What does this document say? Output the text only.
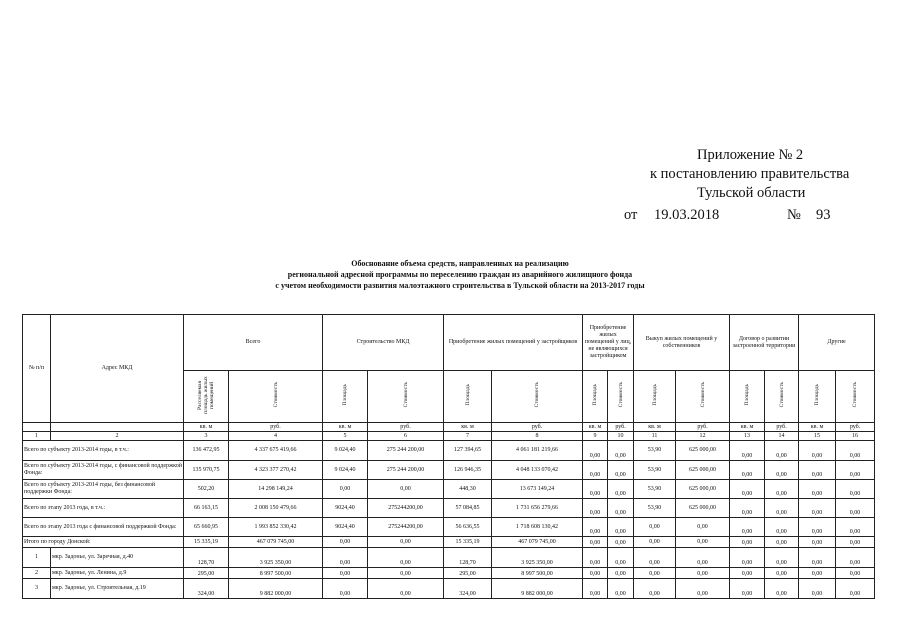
Приложение № 2
к постановлению правительства
Тульской области
от 19.03.2018	№ 93
Обоснование объема средств, направленных на реализацию
региональной адресной программы по переселению граждан из аварийного жилищного фонда
с учетом необходимости развития малоэтажного строительства в Тульской области на 2013-2017 годы
№ п/п	Адрес МКД	Всего		Строительство МКД		Приобретение жилых помещений у застройщиков		Приобретение жилых помещений у лиц, не являющихся застройщиком		Выкуп жилых помещений у собственников		Договор о развитии застроенной территории		Другие	
		Расселяемая площадь жилых помещений	Стоимость	Площадь	Стоимость	Площадь	Стоимость	Площадь	Стоимость	Площадь	Стоимость	Площадь	Стоимость	Площадь	Стоимость
		кв. м	руб.	кв. м	руб.	кв. м	руб.	кв. м	руб.	кв. м	руб.	кв. м	руб.	кв. м	руб.
1	2	3	4	5	6	7	8	9	10	11	12	13	14	15	16
Всего по субъекту 2013-2014 годы, в т.ч.:		136 472,95	4 337 675 419,66	9 024,40	275 244 200,00	127 394,65	4 061 181 219,66	0,00	0,00	53,90	625 000,00	0,00	0,00	0,00	0,00
Всего по субъекту 2013-2014 годы, с финансовой поддержкой Фонда:		135 970,75	4 323 377 270,42	9 024,40	275 244 200,00	126 946,35	4 048 133 070,42	0,00	0,00	53,90	625 000,00	0,00	0,00	0,00	0,00
Всего по субъекту 2013-2014 годы, без финансовой поддержки Фонда:		502,20	14 298 149,24	0,00	0,00	448,30	13 673 149,24	0,00	0,00	53,90	625 000,00	0,00	0,00	0,00	0,00
Всего по этапу 2013 года, в т.ч.:		66 163,15	2 008 150 479,66	9024,40	275244200,00	57 084,85	1 731 656 279,66	0,00	0,00	53,90	625 000,00	0,00	0,00	0,00	0,00
Всего по этапу 2013 года с финансовой поддержкой Фонда:		65 660,95	1 993 852 330,42	9024,40	275244200,00	56 636,55	1 718 608 130,42	0,00	0,00	0,00	0,00	0,00	0,00	0,00	0,00
Итого по городу Донской:		15 335,19	467 079 745,00	0,00	0,00	15 335,19	467 079 745,00	0,00	0,00	0,00	0,00	0,00	0,00	0,00	0,00
1	мкр. Задонье, ул. Заречная, д.40	128,70	3 925 350,00	0,00	0,00	128,70	3 925 350,00	0,00	0,00	0,00	0,00	0,00	0,00	0,00	0,00
2	мкр. Задонье, ул. Ленина, д.9	295,00	8 997 500,00	0,00	0,00	295,00	8 997 500,00	0,00	0,00	0,00	0,00	0,00	0,00	0,00	0,00
3	мкр. Задонье, ул. Строительная, д.19	324,00	9 882 000,00	0,00	0,00	324,00	9 882 000,00	0,00	0,00	0,00	0,00	0,00	0,00	0,00	0,00
